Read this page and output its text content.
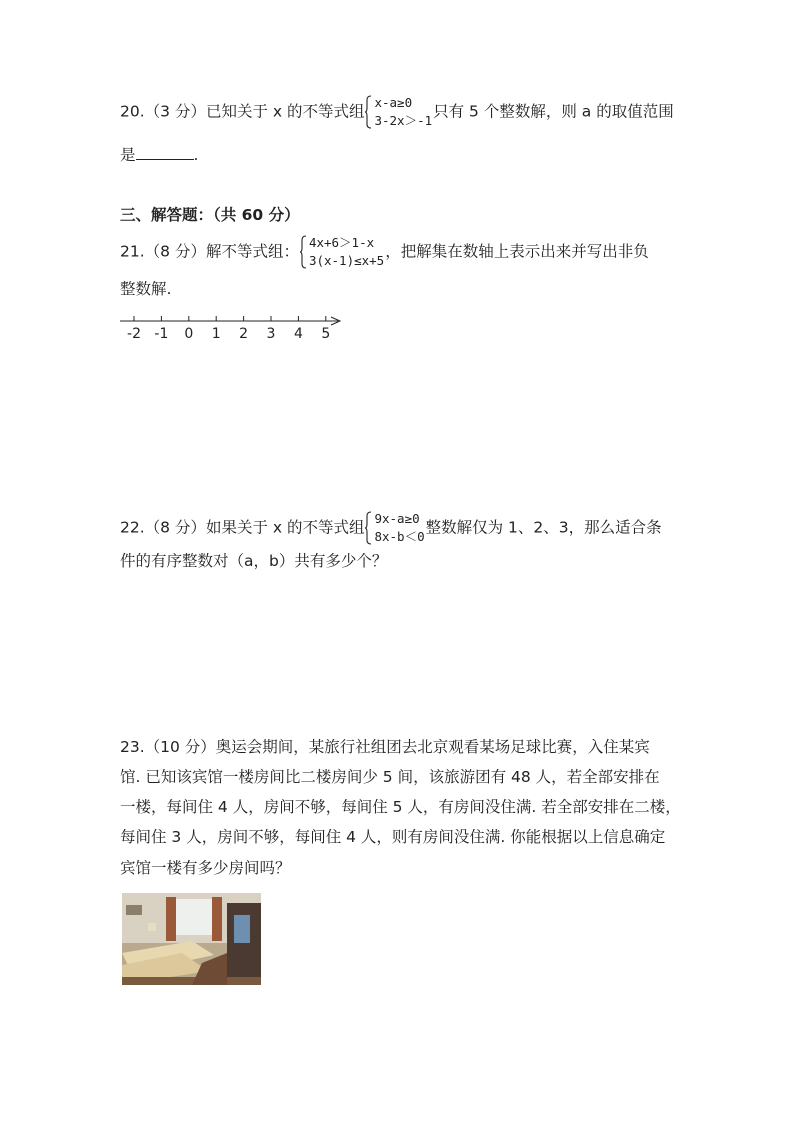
20.（3 分）已知关于 x 的不等式组 x-a≥0
3-2x＞-1 只有 5 个整数解，则 a 的取值范围
是	.
三、解答题：（共 60 分）
21.（8 分）解不等式组： 4x+6＞1-x
3(x-1)≤x+5 ，把解集在数轴上表示出来并写出非负
整数解.
-2 -1 0 1 2 3 4 5
22.（8 分）如果关于 x 的不等式组 9x-a≥0
8x-b＜0 整数解仅为 1、2、3，那么适合条
件的有序整数对（a，b）共有多少个？
23.（10 分）奥运会期间，某旅行社组团去北京观看某场足球比赛，入住某宾
馆. 已知该宾馆一楼房间比二楼房间少 5 间，该旅游团有 48 人，若全部安排在
一楼，每间住 4 人，房间不够，每间住 5 人，有房间没住满. 若全部安排在二楼，
每间住 3 人，房间不够，每间住 4 人，则有房间没住满. 你能根据以上信息确定
宾馆一楼有多少房间吗？
